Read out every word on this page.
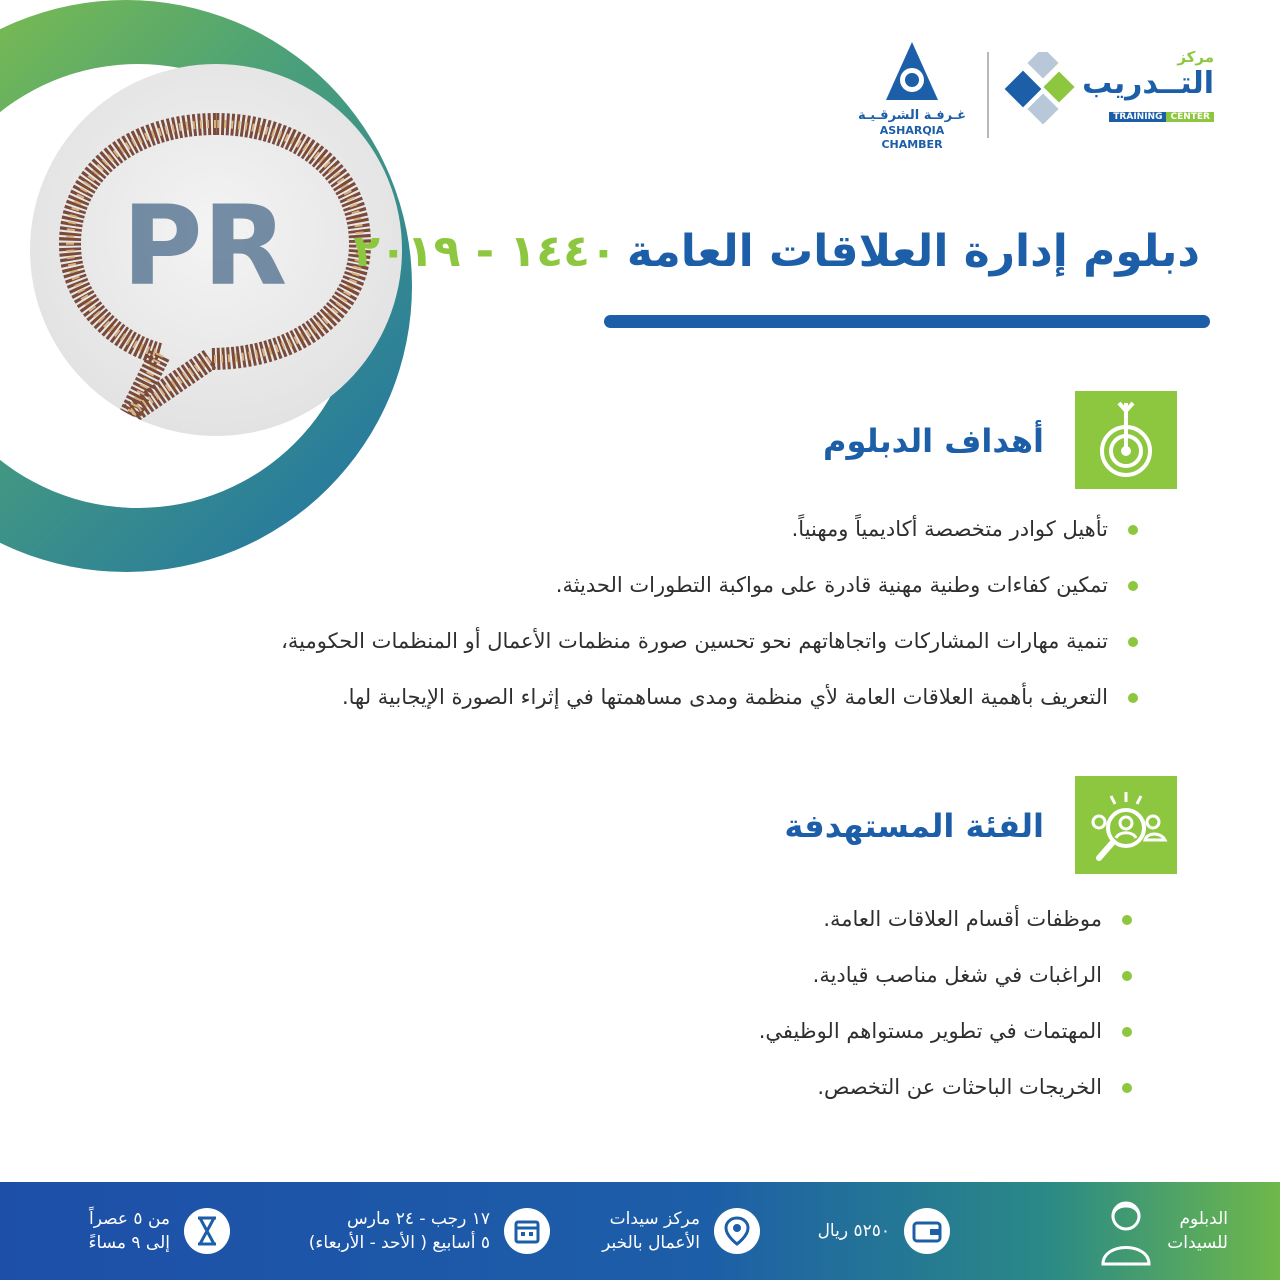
PR
غـرفـة الشرقـيـة
ASHARQIA CHAMBER
مركز
التــدريب
TRAINING CENTER
دبلوم إدارة العلاقات العامة١٤٤٠ - ٢٠١٩
أهداف الدبلوم
تأهيل كوادر متخصصة أكاديمياً ومهنياً.
تمكين كفاءات وطنية مهنية قادرة على مواكبة التطورات الحديثة.
تنمية مهارات المشاركات واتجاهاتهم نحو تحسين صورة منظمات الأعمال أو المنظمات الحكومية،
التعريف بأهمية العلاقات العامة لأي منظمة ومدى مساهمتها في إثراء الصورة الإيجابية لها.
الفئة المستهدفة
موظفات أقسام العلاقات العامة.
الراغبات في شغل مناصب قيادية.
المهتمات في تطوير مستواهم الوظيفي.
الخريجات الباحثات عن التخصص.
الدبلوم
للسيدات
٥٢٥٠ ريال
مركز سيدات
الأعمال بالخبر
١٧ رجب - ٢٤ مارس
٥ أسابيع ( الأحد - الأربعاء)
من ٥ عصراً
إلى ٩ مساءً
